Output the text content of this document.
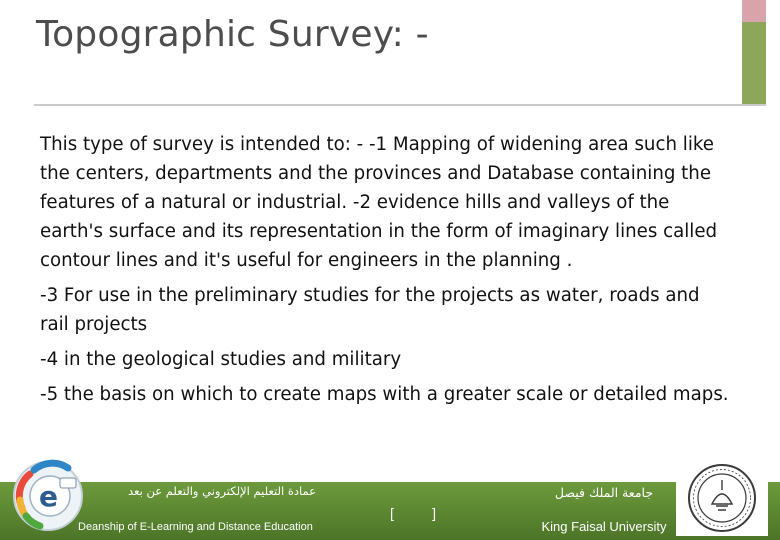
Topographic Survey: -

This type of survey is intended to: - -1 Mapping of widening area such like the centers, departments and the provinces and Database containing the features of a natural or industrial. -2 evidence hills and valleys of the earth's surface and its representation in the form of imaginary lines called contour lines and it's useful for engineers in the planning .

-3 For use in the preliminary studies for the projects as water, roads and rail projects

-4 in the geological studies and military

-5 the basis on which to create maps with a greater scale or detailed maps.

e	عمادة التعليم الإلكتروني والتعلم عن بعد
Deanship of E-Learning and Distance Education
[	]
جامعة الملك فيصل
King Faisal University
